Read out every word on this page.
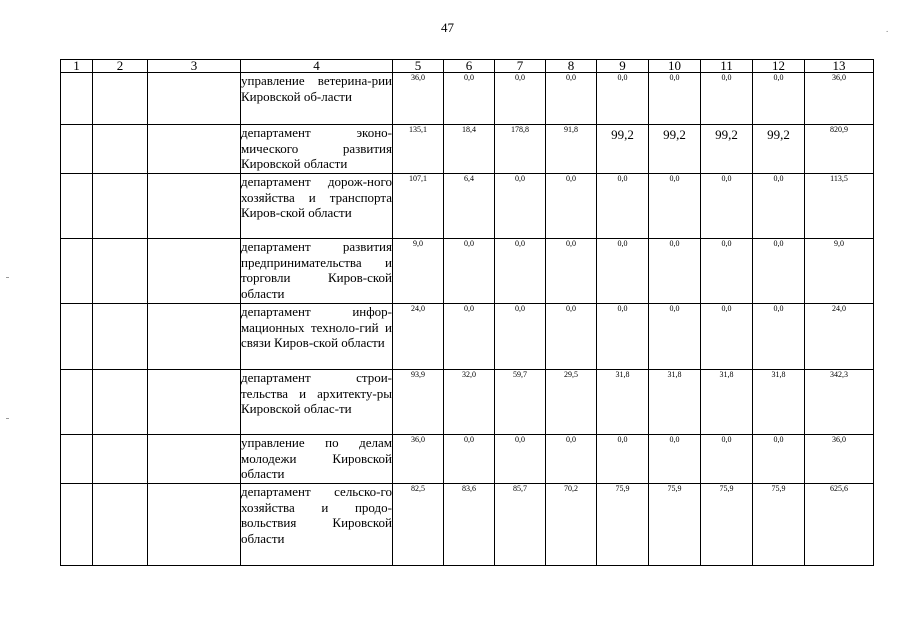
47	.
1	2	3	4	5	6	7	8	9	10	11	12	13
			управление ветерина-рии Кировской об-ласти	36,0	0,0	0,0	0,0	0,0	0,0	0,0	0,0	36,0
			департамент эконо-мического развития Кировской области	135,1	18,4	178,8	91,8	99,2	99,2	99,2	99,2	820,9
			департамент дорож-ного хозяйства и транспорта Киров-ской области	107,1	6,4	0,0	0,0	0,0	0,0	0,0	0,0	113,5
			департамент развития предпринимательства и торговли Киров-ской области	9,0	0,0	0,0	0,0	0,0	0,0	0,0	0,0	9,0
			департамент инфор-мационных техноло-гий и связи Киров-ской области	24,0	0,0	0,0	0,0	0,0	0,0	0,0	0,0	24,0
			департамент строи-тельства и архитекту-ры Кировской облас-ти	93,9	32,0	59,7	29,5	31,8	31,8	31,8	31,8	342,3
			управление по делам молодежи Кировской области	36,0	0,0	0,0	0,0	0,0	0,0	0,0	0,0	36,0
			департамент сельско-го хозяйства и продо-вольствия Кировской области	82,5	83,6	85,7	70,2	75,9	75,9	75,9	75,9	625,6
